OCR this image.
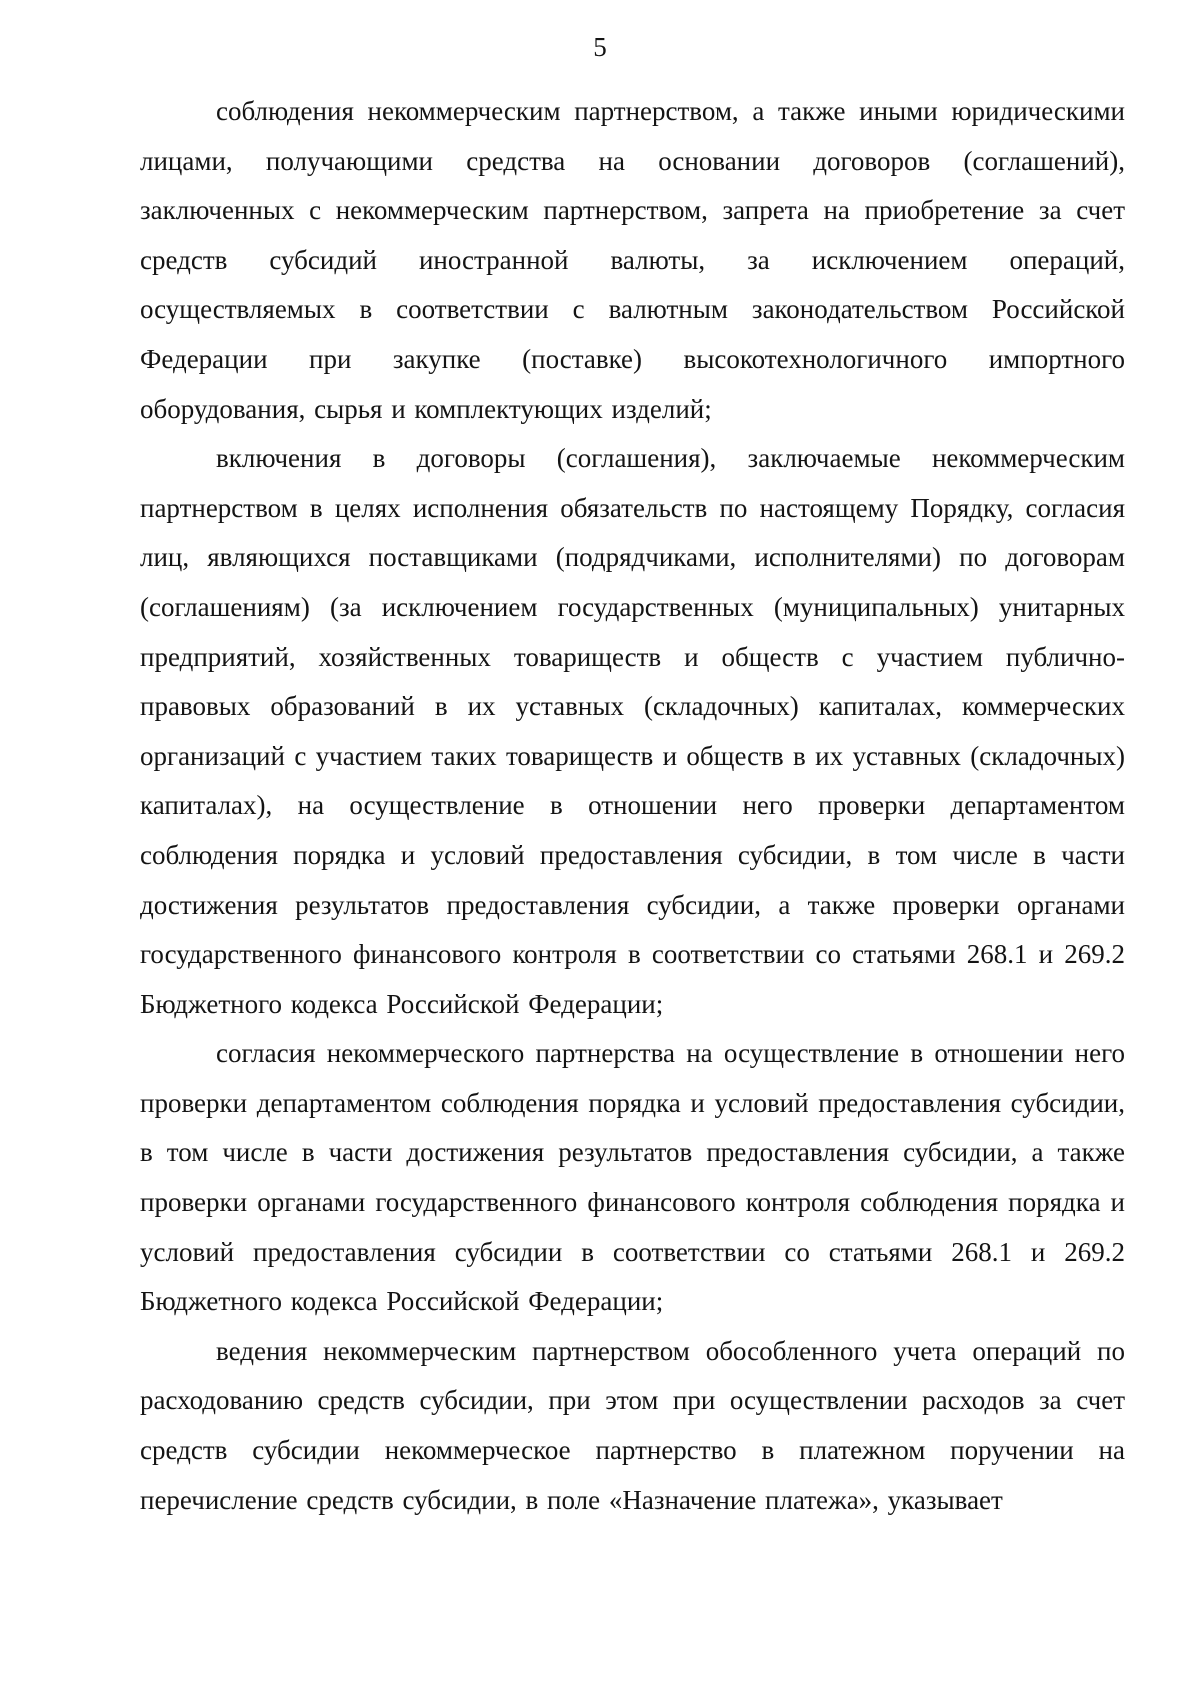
5

соблюдения некоммерческим партнерством, а также иными юридическими лицами, получающими средства на основании договоров (соглашений), заключенных с некоммерческим партнерством, запрета на приобретение за счет средств субсидий иностранной валюты, за исключением операций, осуществляемых в соответствии с валютным законодательством Российской Федерации при закупке (поставке) высокотехнологичного импортного оборудования, сырья и комплектующих изделий;

включения в договоры (соглашения), заключаемые некоммерческим партнерством в целях исполнения обязательств по настоящему Порядку, согласия лиц, являющихся поставщиками (подрядчиками, исполнителями) по договорам (соглашениям) (за исключением государственных (муниципальных) унитарных предприятий, хозяйственных товариществ и обществ с участием публично-правовых образований в их уставных (складочных) капиталах, коммерческих организаций с участием таких товариществ и обществ в их уставных (складочных) капиталах), на осуществление в отношении него проверки департаментом соблюдения порядка и условий предоставления субсидии, в том числе в части достижения результатов предоставления субсидии, а также проверки органами государственного финансового контроля в соответствии со статьями 268.1 и 269.2 Бюджетного кодекса Российской Федерации;

согласия некоммерческого партнерства на осуществление в отношении него проверки департаментом соблюдения порядка и условий предоставления субсидии, в том числе в части достижения результатов предоставления субсидии, а также проверки органами государственного финансового контроля соблюдения порядка и условий предоставления субсидии в соответствии со статьями 268.1 и 269.2 Бюджетного кодекса Российской Федерации;

ведения некоммерческим партнерством обособленного учета операций по расходованию средств субсидии, при этом при осуществлении расходов за счет средств субсидии некоммерческое партнерство в платежном поручении на перечисление средств субсидии, в поле «Назначение платежа», указывает
